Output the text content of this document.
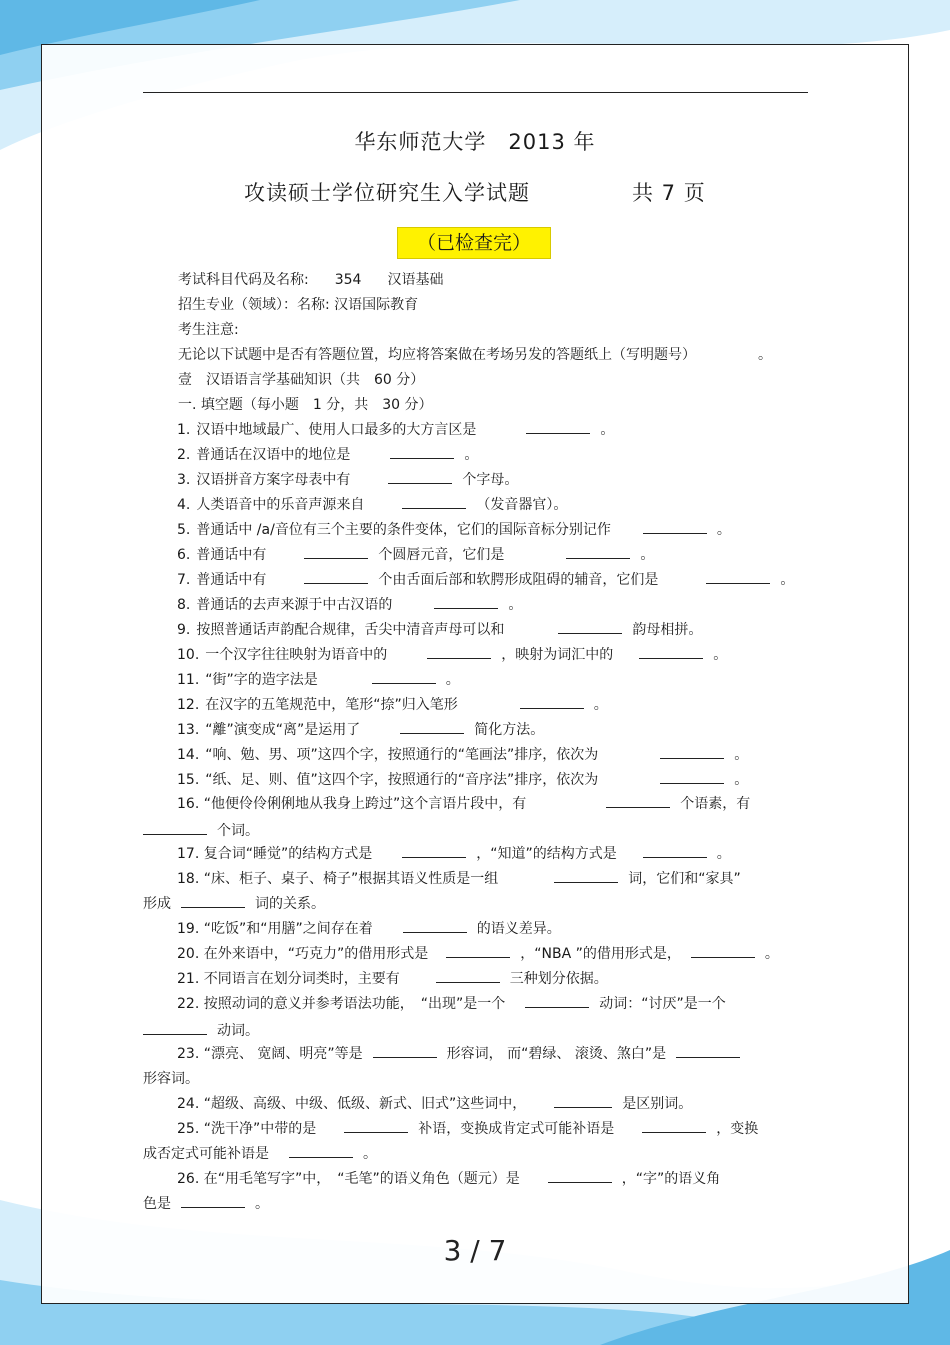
华东师范大学　2013 年
攻读硕士学位研究生入学试题	共 7 页
（已检查完）
考试科目代码及名称: 354 汉语基础
招生专业（领域）：名称: 汉语国际教育
考生注意:
无论以下试题中是否有答题位置，均应将答案做在考场另发的答题纸上（写明题号）	。
壹　汉语语言学基础知识（共　60 分）
一. 填空题（每小题　1 分，共　30 分）
1. 汉语中地域最广、使用人口最多的大方言区是	。
2. 普通话在汉语中的地位是	。
3. 汉语拼音方案字母表中有	个字母。
4. 人类语音中的乐音声源来自	（发音器官）。
5. 普通话中 /a/音位有三个主要的条件变体，它们的国际音标分别记作	。
6. 普通话中有	个圆唇元音，它们是	。
7. 普通话中有	个由舌面后部和软腭形成阻碍的辅音，它们是	。
8. 普通话的去声来源于中古汉语的	。
9. 按照普通话声韵配合规律，舌尖中清音声母可以和	韵母相拼。
10. 一个汉字往往映射为语音中的	，映射为词汇中的	。
11. “街”字的造字法是	。
12. 在汉字的五笔规范中，笔形“捺”归入笔形	。
13. “離”演变成“离”是运用了	简化方法。
14. “响、勉、男、项”这四个字，按照通行的“笔画法”排序，依次为	。
15. “纸、足、则、值”这四个字，按照通行的“音序法”排序，依次为	。
16. “他便伶伶俐俐地从我身上跨过”这个言语片段中，有	个语素，有
个词。
17. 复合词“睡觉”的结构方式是	，“知道”的结构方式是	。
18. “床、柜子、桌子、椅子”根据其语义性质是一组	词，它们和“家具”
形成	词的关系。
19. “吃饭”和“用膳”之间存在着	的语义差异。
20. 在外来语中，“巧克力”的借用形式是	，“NBA ”的借用形式是，	。
21. 不同语言在划分词类时，主要有	三种划分依据。
22. 按照动词的意义并参考语法功能，　“出现”是一个	动词：“讨厌”是一个
动词。
23. “漂亮、 宽阔、明亮”等是	形容词， 而“碧绿、 滚烫、煞白”是
形容词。
24. “超级、高级、中级、低级、新式、旧式”这些词中，	是区别词。
25. “洗干净”中带的是	补语，变换成肯定式可能补语是	，变换
成否定式可能补语是	。
26. 在“用毛笔写字”中，　“毛笔”的语义角色（题元）是	，“字”的语义角
色是	。
3 / 7
